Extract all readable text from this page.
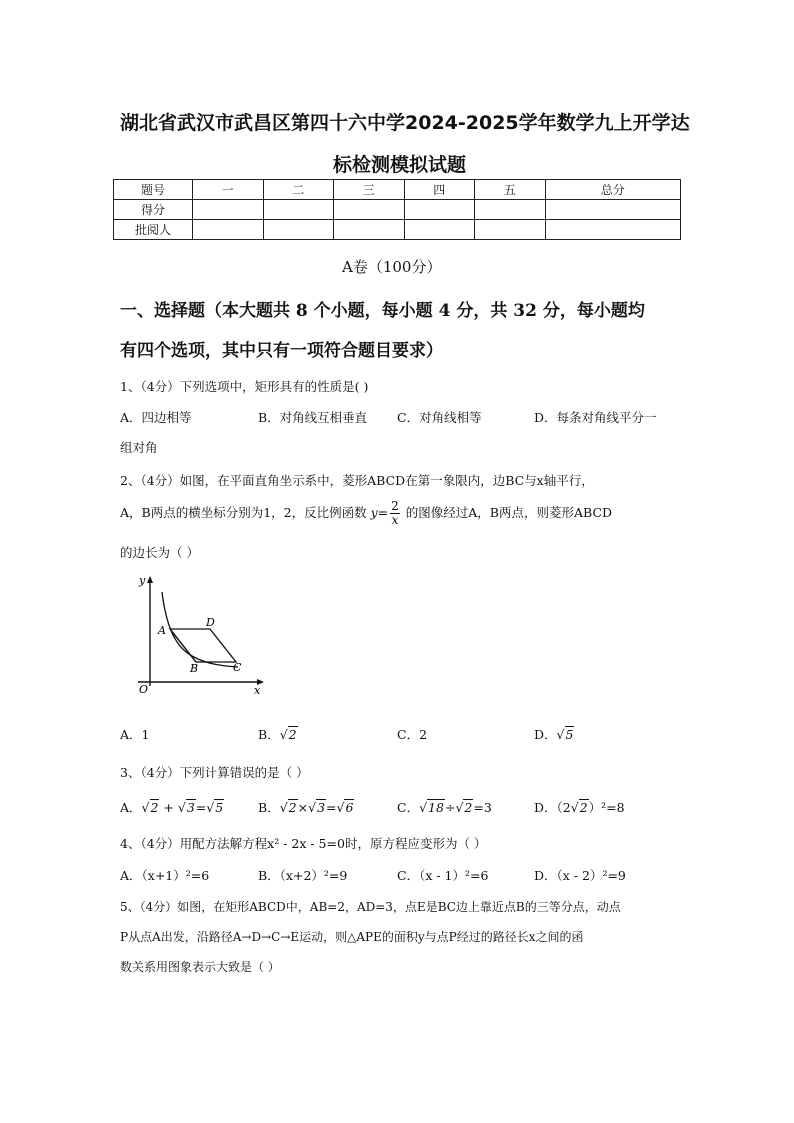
湖北省武汉市武昌区第四十六中学2024-2025学年数学九上开学达
标检测模拟试题
题号	一	二	三	四	五	总分
得分						
批阅人						
A卷（100分）
一、选择题（本大题共 8 个小题，每小题 4 分，共 32 分，每小题均
有四个选项，其中只有一项符合题目要求）
1、（4分）下列选项中，矩形具有的性质是( )
A．四边相等	B．对角线互相垂直 C．对角线相等	D．每条对角线平分一
组对角
2、（4分）如图，在平面直角坐示系中，菱形ABCD在第一象限内，边BC与x轴平行，
A，B两点的横坐标分别为1，2，反比例函数 $y= \frac{2}{x}$ 的图像经过A，B两点，则菱形ABCD
的边长为（ ）
y
x
O
A
B	C
D
A．1	B．√2	C．2	D．√5
3、（4分）下列计算错误的是（ ）
A．√2 + √3=√5	B．√2×√3=√6	C．√18÷√2=3	D．（2√2）²=8
4、（4分）用配方法解方程x² - 2x - 5=0时，原方程应变形为（ ）
A．（x+1）²=6	B．（x+2）²=9	C．（x - 1）²=6	D．（x - 2）²=9
5、（4分）如图，在矩形ABCD中，AB=2，AD=3，点E是BC边上靠近点B的三等分点，动点
P从点A出发，沿路径A→D→C→E运动，则△APE的面积y与点P经过的路径长x之间的函
数关系用图象表示大致是（ ）
